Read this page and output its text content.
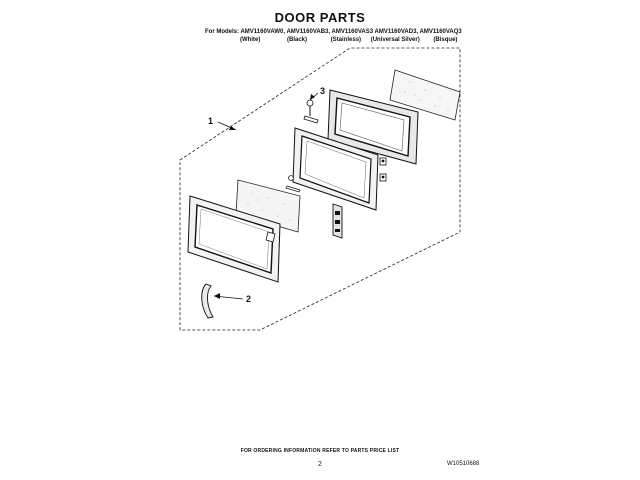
DOOR PARTS
For Models: AMV1160VAW0, AMV1160VAB3, AMV1160VAS3 AMV1160VAD3, AMV1160VAQ3
(White)	(Black)	(Stainless) (Universal Silver) (Bisque)
1
2
3
FOR ORDERING INFORMATION REFER TO PARTS PRICE LIST
2	W10510688
